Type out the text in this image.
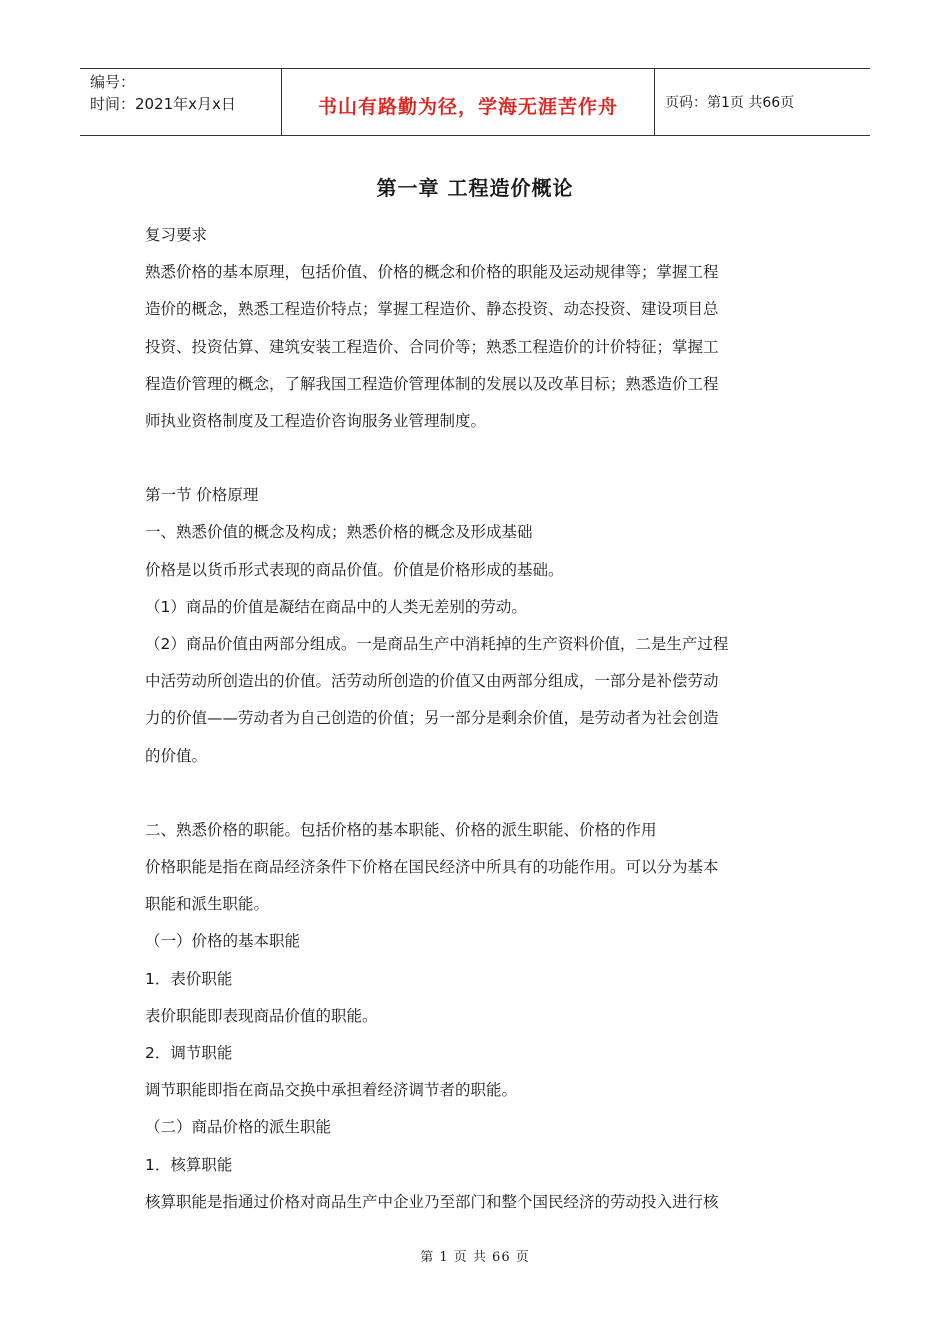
编号：
时间：2021年x月x日	书山有路勤为径，学海无涯苦作舟	页码：第1页 共66页
第一章 工程造价概论

复习要求

熟悉价格的基本原理，包括价值、价格的概念和价格的职能及运动规律等；掌握工程

造价的概念，熟悉工程造价特点；掌握工程造价、静态投资、动态投资、建设项目总

投资、投资估算、建筑安装工程造价、合同价等；熟悉工程造价的计价特征；掌握工

程造价管理的概念，了解我国工程造价管理体制的发展以及改革目标；熟悉造价工程

师执业资格制度及工程造价咨询服务业管理制度。

第一节 价格原理

一、熟悉价值的概念及构成；熟悉价格的概念及形成基础

价格是以货币形式表现的商品价值。价值是价格形成的基础。

（1）商品的价值是凝结在商品中的人类无差别的劳动。

（2）商品价值由两部分组成。一是商品生产中消耗掉的生产资料价值，二是生产过程

中活劳动所创造出的价值。活劳动所创造的价值又由两部分组成，一部分是补偿劳动

力的价值——劳动者为自己创造的价值；另一部分是剩余价值，是劳动者为社会创造

的价值。

二、熟悉价格的职能。包括价格的基本职能、价格的派生职能、价格的作用

价格职能是指在商品经济条件下价格在国民经济中所具有的功能作用。可以分为基本

职能和派生职能。

（一）价格的基本职能

1．表价职能

表价职能即表现商品价值的职能。

2．调节职能

调节职能即指在商品交换中承担着经济调节者的职能。

（二）商品价格的派生职能

1．核算职能

核算职能是指通过价格对商品生产中企业乃至部门和整个国民经济的劳动投入进行核

第 1 页 共 66 页
